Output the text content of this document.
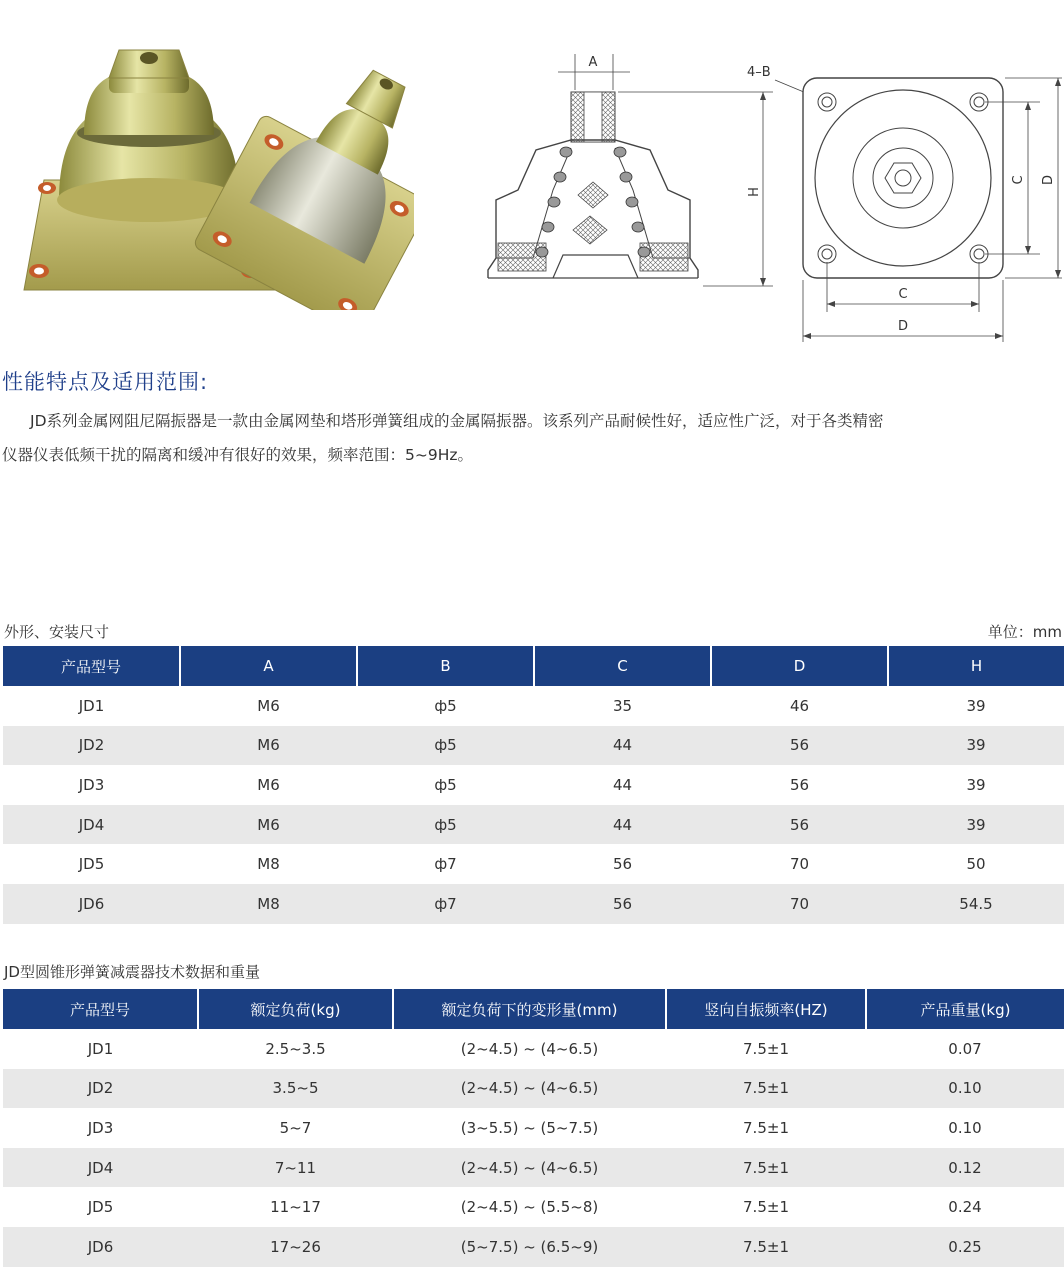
A
H
4–B
C D
C
D
性能特点及适用范围:

JD系列金属网阻尼隔振器是一款由金属网垫和塔形弹簧组成的金属隔振器。该系列产品耐候性好，适应性广泛，对于各类精密
仪器仪表低频干扰的隔离和缓冲有很好的效果，频率范围：5~9Hz。

外形、安装尺寸	单位：mm
产品型号	A	B	C	D	H
JD1	M6	ф5	35	46	39
JD2	M6	ф5	44	56	39
JD3	M6	ф5	44	56	39
JD4	M6	ф5	44	56	39
JD5	M8	ф7	56	70	50
JD6	M8	ф7	56	70	54.5
JD型圆锥形弹簧减震器技术数据和重量
产品型号	额定负荷(kg)	额定负荷下的变形量(mm)	竖向自振频率(HZ)	产品重量(kg)
JD1	2.5~3.5	(2~4.5) ~ (4~6.5)	7.5±1	0.07
JD2	3.5~5	(2~4.5) ~ (4~6.5)	7.5±1	0.10
JD3	5~7	(3~5.5) ~ (5~7.5)	7.5±1	0.10
JD4	7~11	(2~4.5) ~ (4~6.5)	7.5±1	0.12
JD5	11~17	(2~4.5) ~ (5.5~8)	7.5±1	0.24
JD6	17~26	(5~7.5) ~ (6.5~9)	7.5±1	0.25
